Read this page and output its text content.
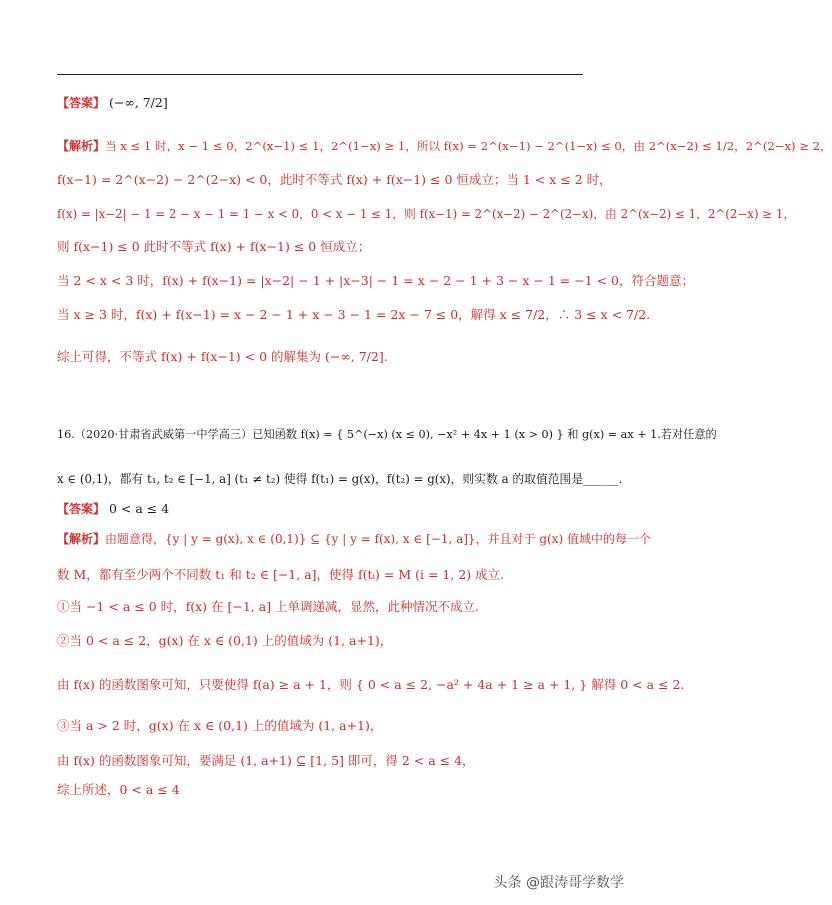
【答案】 (−∞, 7/2]
【解析】当 x ≤ 1 时，x − 1 ≤ 0，2^(x−1) ≤ 1，2^(1−x) ≥ 1，所以 f(x) = 2^(x−1) − 2^(1−x) ≤ 0，由 2^(x−2) ≤ 1/2，2^(2−x) ≥ 2，
f(x−1) = 2^(x−2) − 2^(2−x) < 0，此时不等式 f(x) + f(x−1) ≤ 0 恒成立；当 1 < x ≤ 2 时，
f(x) = |x−2| − 1 = 2 − x − 1 = 1 − x < 0，0 < x − 1 ≤ 1，则 f(x−1) = 2^(x−2) − 2^(2−x)，由 2^(x−2) ≤ 1，2^(2−x) ≥ 1，
则 f(x−1) ≤ 0 此时不等式 f(x) + f(x−1) ≤ 0 恒成立；
当 2 < x < 3 时，f(x) + f(x−1) = |x−2| − 1 + |x−3| − 1 = x − 2 − 1 + 3 − x − 1 = −1 < 0，符合题意；
当 x ≥ 3 时，f(x) + f(x−1) = x − 2 − 1 + x − 3 − 1 = 2x − 7 ≤ 0，解得 x ≤ 7/2，∴ 3 ≤ x < 7/2.
综上可得，不等式 f(x) + f(x−1) < 0 的解集为 (−∞, 7/2].
16.（2020·甘肃省武威第一中学高三）已知函数 f(x) = { 5^(−x) (x ≤ 0), −x² + 4x + 1 (x > 0) } 和 g(x) = ax + 1.若对任意的
x ∈ (0,1)，都有 t₁, t₂ ∈ [−1, a] (t₁ ≠ t₂) 使得 f(t₁) = g(x)，f(t₂) = g(x)，则实数 a 的取值范围是______.
【答案】 0 < a ≤ 4
【解析】由题意得，{y | y = g(x), x ∈ (0,1)} ⊆ {y | y = f(x), x ∈ [−1, a]}，并且对于 g(x) 值域中的每一个
数 M，都有至少两个不同数 t₁ 和 t₂ ∈ [−1, a]，使得 f(tᵢ) = M (i = 1, 2) 成立.
①当 −1 < a ≤ 0 时，f(x) 在 [−1, a] 上单调递减，显然，此种情况不成立.
②当 0 < a ≤ 2，g(x) 在 x ∈ (0,1) 上的值域为 (1, a+1)，
由 f(x) 的函数图象可知，只要使得 f(a) ≥ a + 1，则 { 0 < a ≤ 2, −a² + 4a + 1 ≥ a + 1, } 解得 0 < a ≤ 2.
③当 a > 2 时，g(x) 在 x ∈ (0,1) 上的值域为 (1, a+1)，
由 f(x) 的函数图象可知，要满足 (1, a+1) ⊆ [1, 5] 即可，得 2 < a ≤ 4，
综上所述，0 < a ≤ 4
头条 @跟涛哥学数学
